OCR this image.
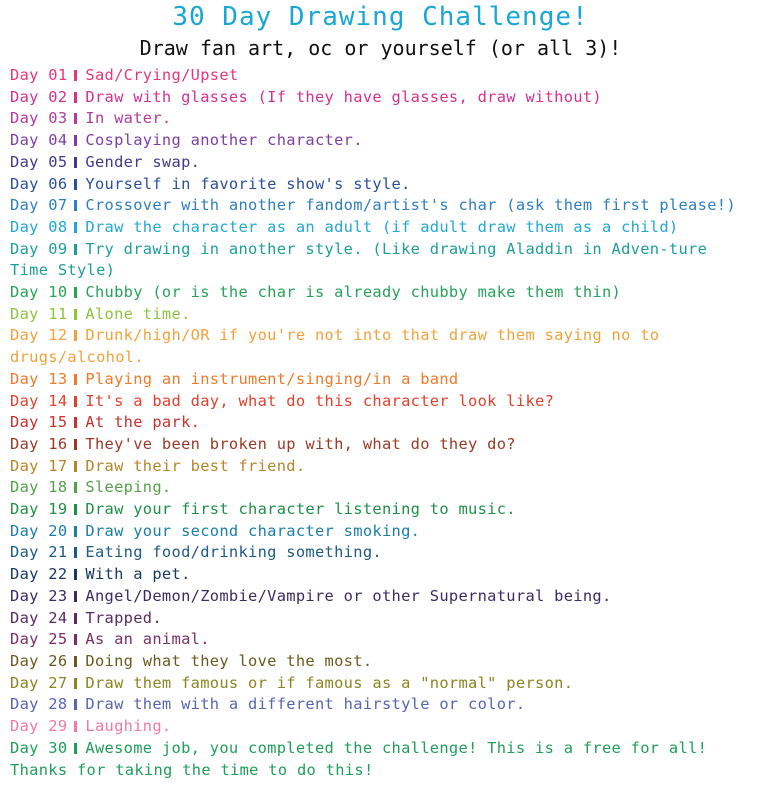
30 Day Drawing Challenge!
Draw fan art, oc or yourself (or all 3)!
Day 01 Sad/Crying/Upset
Day 02 Draw with glasses (If they have glasses, draw without)
Day 03 In water.
Day 04 Cosplaying another character.
Day 05 Gender swap.
Day 06 Yourself in favorite show's style.
Day 07 Crossover with another fandom/artist's char (ask them first please!)
Day 08 Draw the character as an adult (if adult draw them as a child)
Day 09 Try drawing in another style. (Like drawing Aladdin in Adven-ture Time Style)
Day 10 Chubby (or is the char is already chubby make them thin)
Day 11 Alone time.
Day 12 Drunk/high/OR if you're not into that draw them saying no to drugs/alcohol.
Day 13 Playing an instrument/singing/in a band
Day 14 It's a bad day, what do this character look like?
Day 15 At the park.
Day 16 They've been broken up with, what do they do?
Day 17 Draw their best friend.
Day 18 Sleeping.
Day 19 Draw your first character listening to music.
Day 20 Draw your second character smoking.
Day 21 Eating food/drinking something.
Day 22 With a pet.
Day 23 Angel/Demon/Zombie/Vampire or other Supernatural being.
Day 24 Trapped.
Day 25 As an animal.
Day 26 Doing what they love the most.
Day 27 Draw them famous or if famous as a "normal" person.
Day 28 Draw them with a different hairstyle or color.
Day 29 Laughing.
Day 30 Awesome job, you completed the challenge! This is a free for all! Thanks for taking the time to do this!
